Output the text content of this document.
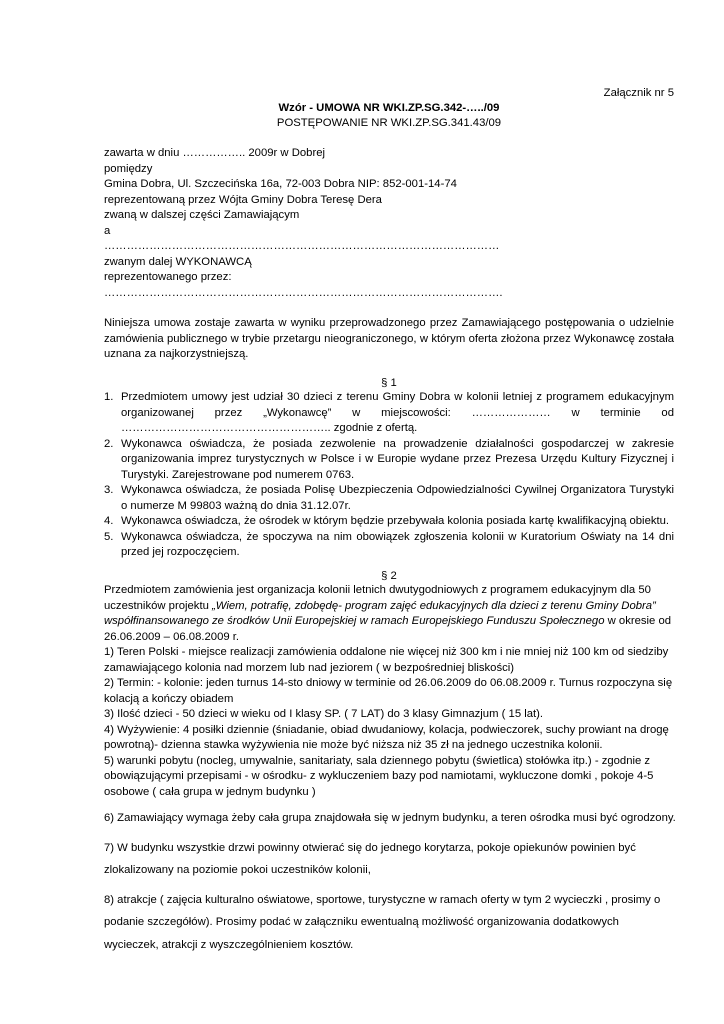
Załącznik nr 5
Wzór - UMOWA NR WKI.ZP.SG.342-…../09
POSTĘPOWANIE NR WKI.ZP.SG.341.43/09
zawarta w dniu …………….. 2009r w Dobrej
pomiędzy
Gmina Dobra, Ul. Szczecińska 16a, 72-003 Dobra NIP: 852-001-14-74
reprezentowaną przez Wójta Gminy Dobra Teresę Dera
zwaną w dalszej części Zamawiającym
a
……………………………………………………………………………………………
zwanym dalej WYKONAWCĄ
reprezentowanego przez:
…………………………………………………………………………………………….
Niniejsza umowa zostaje zawarta w wyniku przeprowadzonego przez Zamawiającego postępowania o udzielnie zamówienia publicznego w trybie przetargu nieograniczonego, w którym oferta złożona przez Wykonawcę została uznana za najkorzystniejszą.
§ 1
1. Przedmiotem umowy jest udział 30 dzieci z terenu Gminy Dobra w kolonii letniej z programem edukacyjnym organizowanej przez „Wykonawcę” w miejscowości: ………………… w terminie od ……………………………………………….. zgodnie z ofertą.
2. Wykonawca oświadcza, że posiada zezwolenie na prowadzenie działalności gospodarczej w zakresie organizowania imprez turystycznych w Polsce i w Europie wydane przez Prezesa Urzędu Kultury Fizycznej i Turystyki. Zarejestrowane pod numerem 0763.
3. Wykonawca oświadcza, że posiada Polisę Ubezpieczenia Odpowiedzialności Cywilnej Organizatora Turystyki o numerze M 99803 ważną do dnia 31.12.07r.
4. Wykonawca oświadcza, że ośrodek w którym będzie przebywała kolonia posiada kartę kwalifikacyjną obiektu.
5. Wykonawca oświadcza, że spoczywa na nim obowiązek zgłoszenia kolonii w Kuratorium Oświaty na 14 dni przed jej rozpoczęciem.
§ 2

Przedmiotem zamówienia jest organizacja kolonii letnich dwutygodniowych z programem edukacyjnym dla 50 uczestników projektu „Wiem, potrafię, zdobędę- program zajęć edukacyjnych dla dzieci z terenu Gminy Dobra” współfinansowanego ze środków Unii Europejskiej w ramach Europejskiego Funduszu Społecznego w okresie od 26.06.2009 – 06.08.2009 r.

1) Teren Polski - miejsce realizacji zamówienia oddalone nie więcej niż 300 km i nie mniej niż 100 km od siedziby zamawiającego kolonia nad morzem lub nad jeziorem ( w bezpośredniej bliskości)

2) Termin: - kolonie: jeden turnus 14-sto dniowy w terminie od 26.06.2009 do 06.08.2009 r. Turnus rozpoczyna się kolacją a kończy obiadem

3) Ilość dzieci - 50 dzieci w wieku od I klasy SP. ( 7 LAT) do 3 klasy Gimnazjum ( 15 lat).

4) Wyżywienie: 4 posiłki dziennie (śniadanie, obiad dwudaniowy, kolacja, podwieczorek, suchy prowiant na drogę powrotną)- dzienna stawka wyżywienia nie może być niższa niż 35 zł na jednego uczestnika kolonii.

5) warunki pobytu (nocleg, umywalnie, sanitariaty, sala dziennego pobytu (świetlica) stołówka itp.) - zgodnie z obowiązującymi przepisami - w ośrodku- z wykluczeniem bazy pod namiotami, wykluczone domki , pokoje 4-5 osobowe ( cała grupa w jednym budynku )

6) Zamawiający wymaga żeby cała grupa znajdowała się w jednym budynku, a teren ośrodka musi być ogrodzony.

7) W budynku wszystkie drzwi powinny otwierać się do jednego korytarza, pokoje opiekunów powinien być zlokalizowany na poziomie pokoi uczestników kolonii,

8) atrakcje ( zajęcia kulturalno oświatowe, sportowe, turystyczne w ramach oferty w tym 2 wycieczki , prosimy o podanie szczegółów). Prosimy podać w załączniku ewentualną możliwość organizowania dodatkowych wycieczek, atrakcji z wyszczególnieniem kosztów.
